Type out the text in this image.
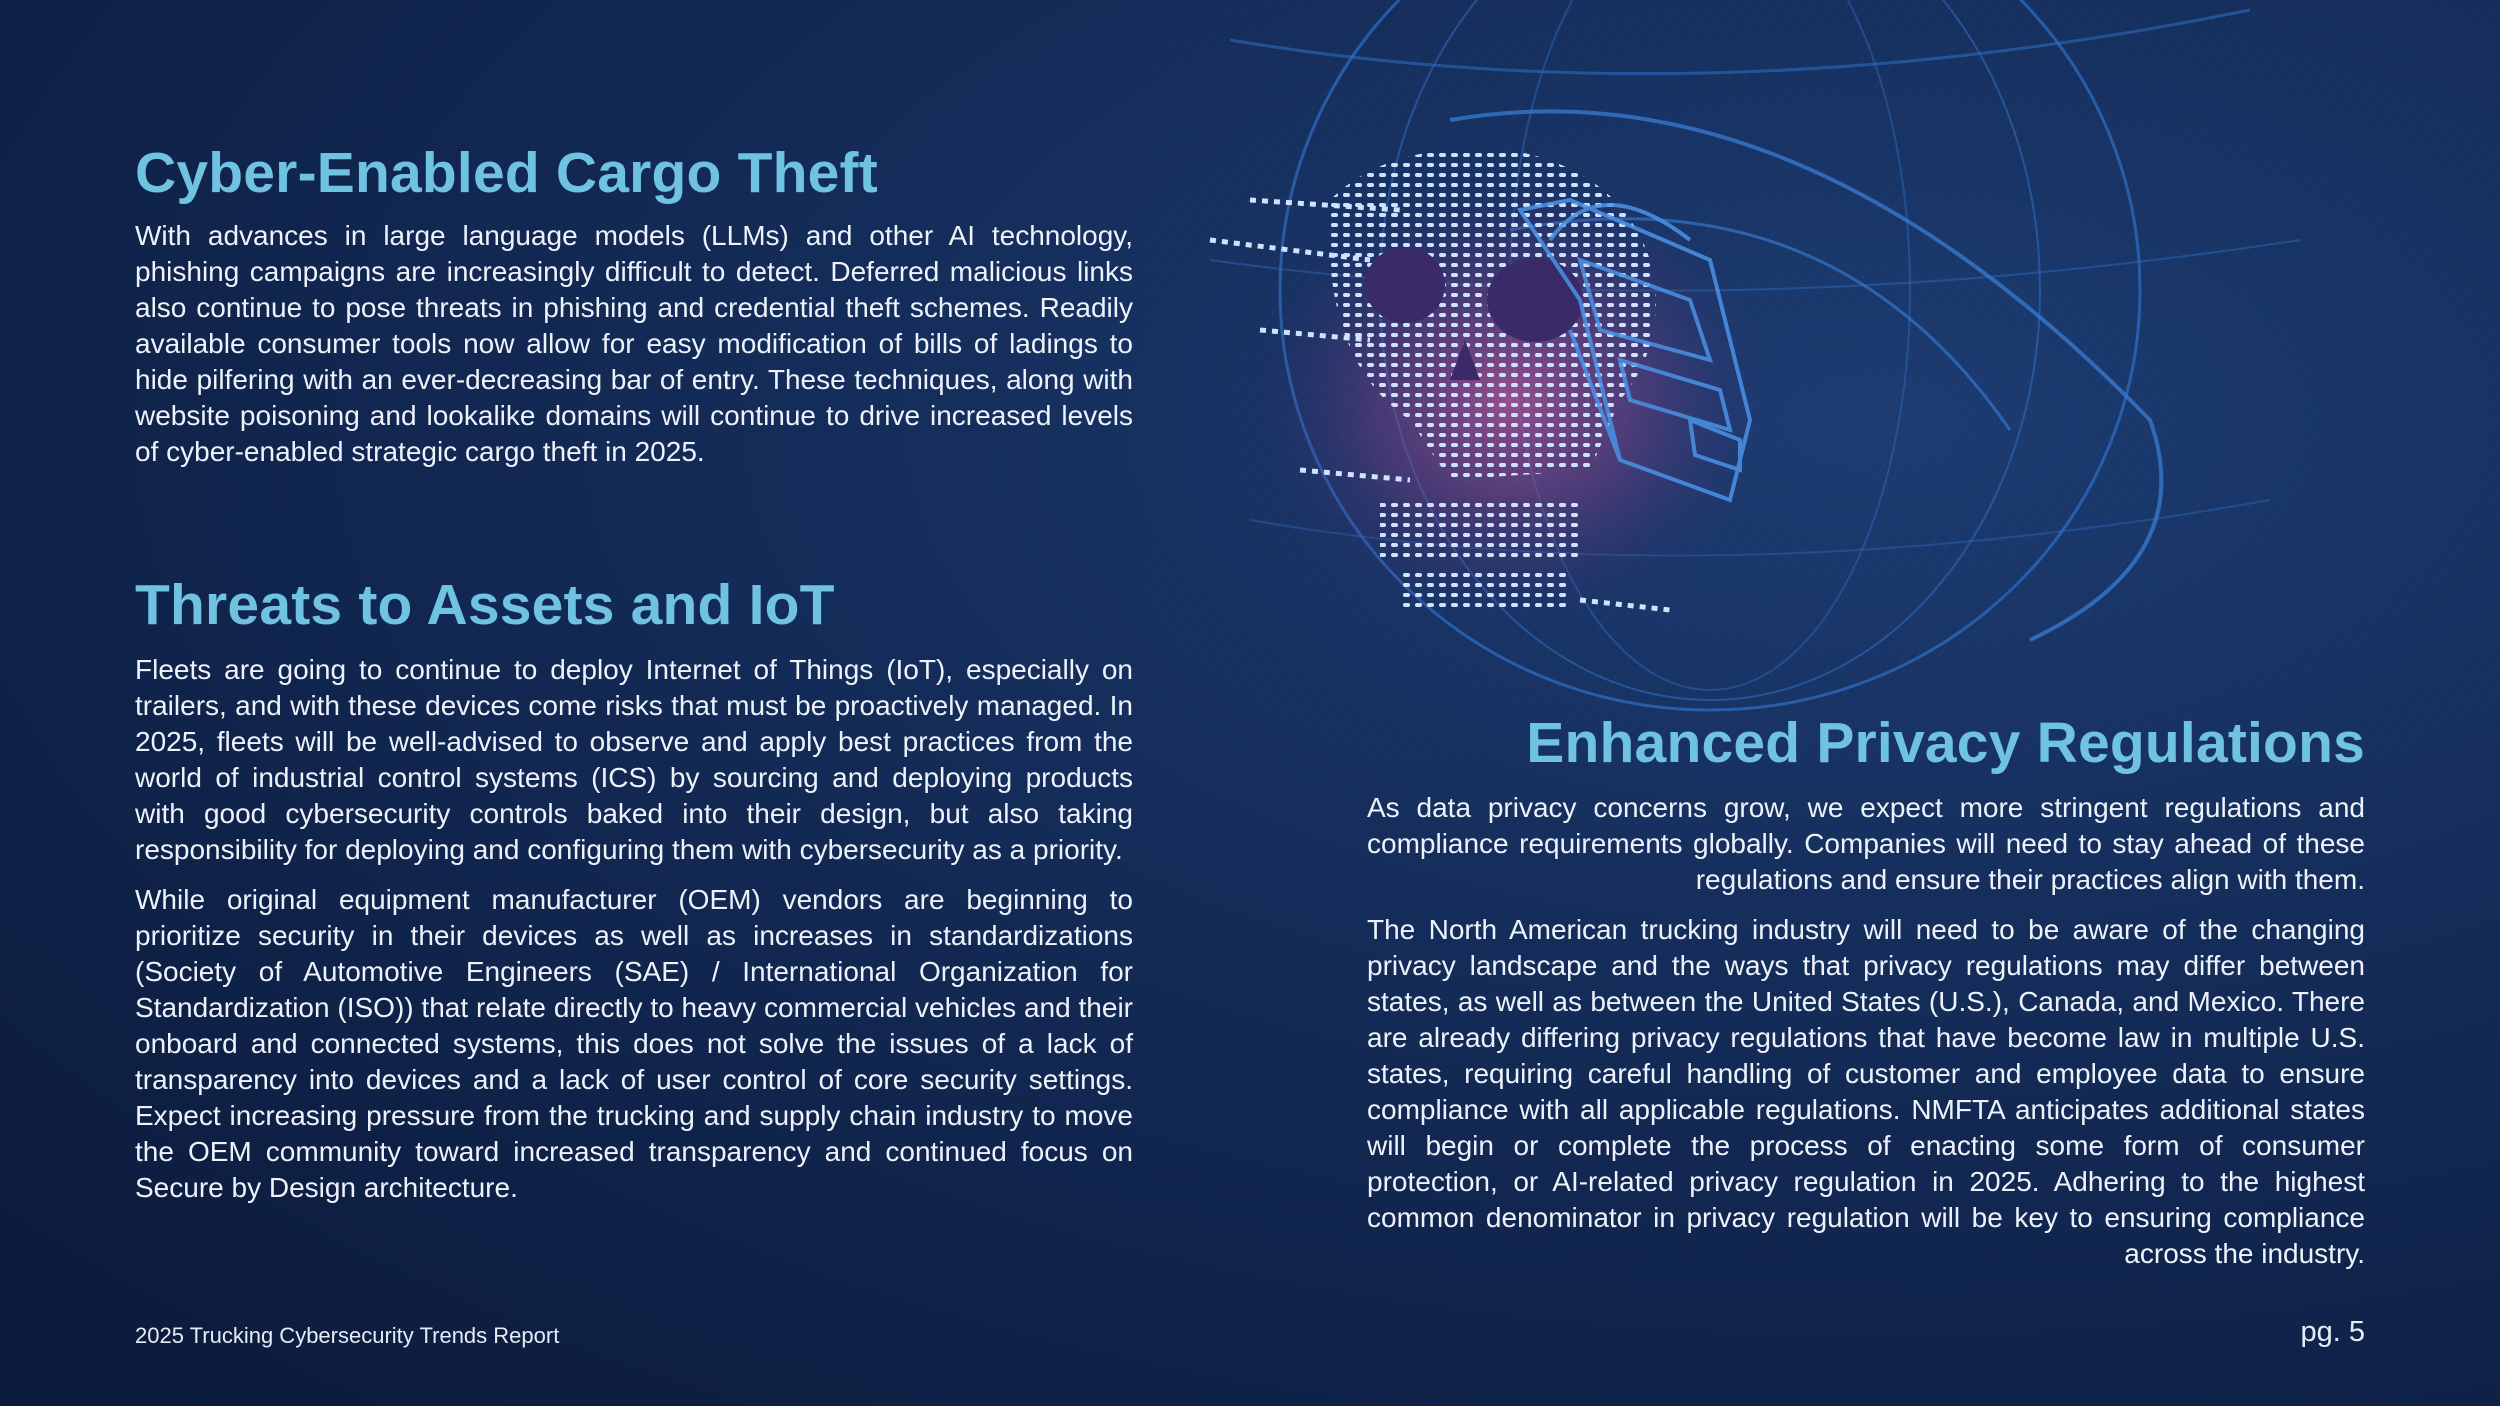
Cyber-Enabled Cargo Theft

With advances in large language models (LLMs) and other AI technology, phishing campaigns are increasingly difficult to detect. Deferred malicious links also continue to pose threats in phishing and credential theft schemes. Readily available consumer tools now allow for easy modification of bills of ladings to hide pilfering with an ever-decreasing bar of entry. These techniques, along with website poisoning and lookalike domains will continue to drive increased levels of cyber-enabled strategic cargo theft in 2025.

Threats to Assets and IoT

Fleets are going to continue to deploy Internet of Things (IoT), especially on trailers, and with these devices come risks that must be proactively managed. In 2025, fleets will be well-advised to observe and apply best practices from the world of industrial control systems (ICS) by sourcing and deploying products with good cybersecurity controls baked into their design, but also taking responsibility for deploying and configuring them with cybersecurity as a priority.

While original equipment manufacturer (OEM) vendors are beginning to prioritize security in their devices as well as increases in standardizations (Society of Automotive Engineers (SAE) / International Organization for Standardization (ISO)) that relate directly to heavy commercial vehicles and their onboard and connected systems, this does not solve the issues of a lack of transparency into devices and a lack of user control of core security settings. Expect increasing pressure from the trucking and supply chain industry to move the OEM community toward increased transparency and continued focus on Secure by Design architecture.

Enhanced Privacy Regulations

As data privacy concerns grow, we expect more stringent regulations and compliance requirements globally. Companies will need to stay ahead of these regulations and ensure their practices align with them.

The North American trucking industry will need to be aware of the changing privacy landscape and the ways that privacy regulations may differ between states, as well as between the United States (U.S.), Canada, and Mexico. There are already differing privacy regulations that have become law in multiple U.S. states, requiring careful handling of customer and employee data to ensure compliance with all applicable regulations. NMFTA anticipates additional states will begin or complete the process of enacting some form of consumer protection, or AI-related privacy regulation in 2025. Adhering to the highest common denominator in privacy regulation will be key to ensuring compliance across the industry.

2025 Trucking Cybersecurity Trends Report	pg. 5
